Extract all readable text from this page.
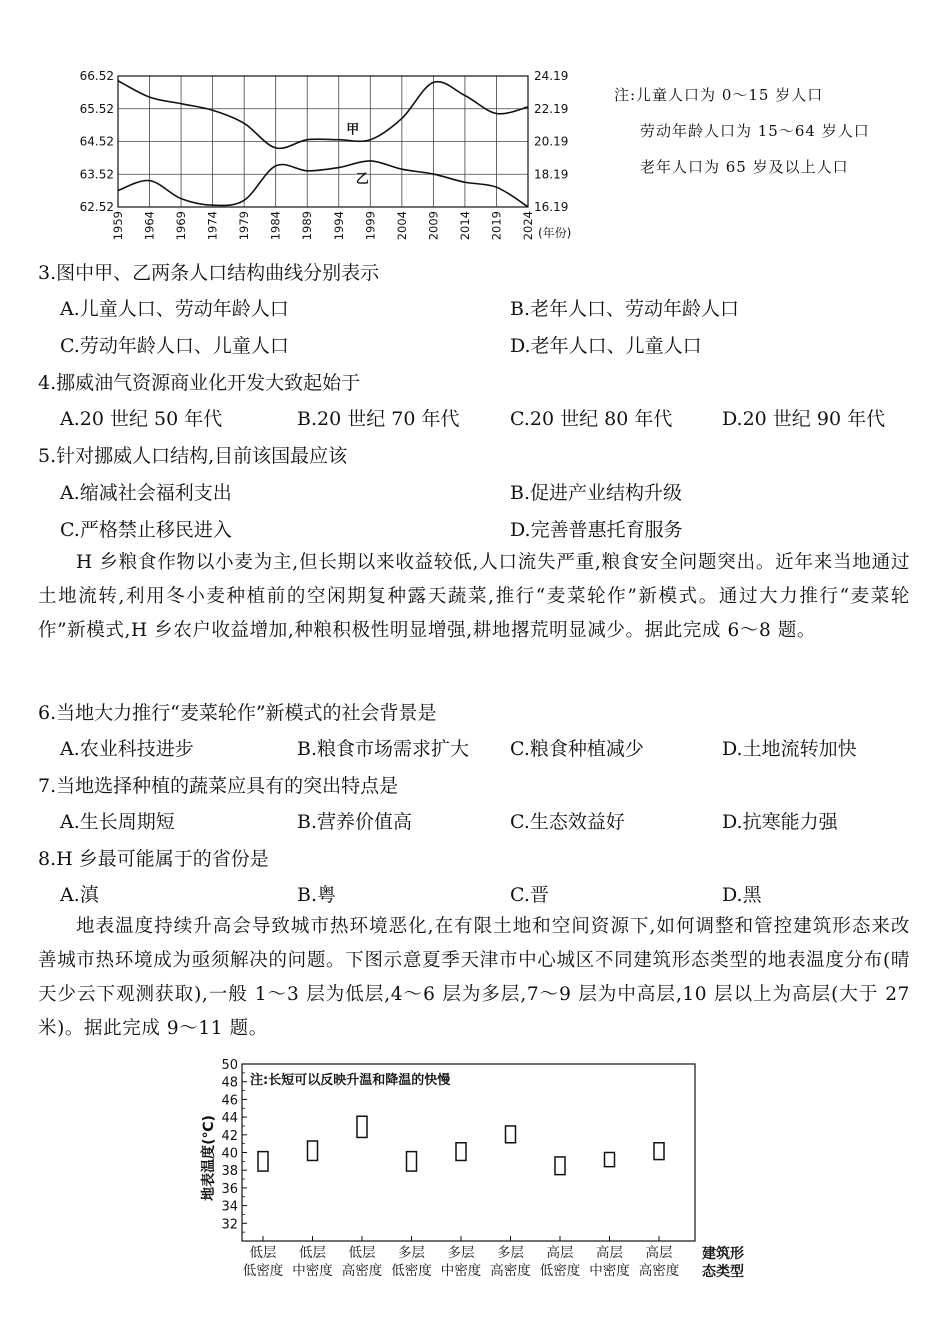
66.52
65.52
64.52
63.52
62.52
24.19
22.19
20.19
18.19
16.19
1959 1964 1969 1974 1979 1984 1989 1994 1999 2004 2009 2014 2019 2024 (年份)
甲
乙
注:儿童人口为 0～15 岁人口
劳动年龄人口为 15～64 岁人口
老年人口为 65 岁及以上人口
3.图中甲、乙两条人口结构曲线分别表示
A.儿童人口、劳动年龄人口	B.老年人口、劳动年龄人口
C.劳动年龄人口、儿童人口	D.老年人口、儿童人口
4.挪威油气资源商业化开发大致起始于
A.20 世纪 50 年代	B.20 世纪 70 年代	C.20 世纪 80 年代	D.20 世纪 90 年代
5.针对挪威人口结构,目前该国最应该
A.缩减社会福利支出	B.促进产业结构升级
C.严格禁止移民进入	D.完善普惠托育服务
H 乡粮食作物以小麦为主,但长期以来收益较低,人口流失严重,粮食安全问题突出。近年来当地通过土地流转,利用冬小麦种植前的空闲期复种露天蔬菜,推行“麦菜轮作”新模式。通过大力推行“麦菜轮作”新模式,H 乡农户收益增加,种粮积极性明显增强,耕地撂荒明显减少。据此完成 6～8 题。
6.当地大力推行“麦菜轮作”新模式的社会背景是
A.农业科技进步	B.粮食市场需求扩大 C.粮食种植减少	D.土地流转加快
7.当地选择种植的蔬菜应具有的突出特点是
A.生长周期短	B.营养价值高	C.生态效益好	D.抗寒能力强
8.H 乡最可能属于的省份是
A.滇	B.粤	C.晋	D.黑
地表温度持续升高会导致城市热环境恶化,在有限土地和空间资源下,如何调整和管控建筑形态来改善城市热环境成为亟须解决的问题。下图示意夏季天津市中心城区不同建筑形态类型的地表温度分布(晴天少云下观测获取),一般 1～3 层为低层,4～6 层为多层,7～9 层为中高层,10 层以上为高层(大于 27 米)。据此完成 9～11 题。
注:长短可以反映升温和降温的快慢
地表温度(℃)
50
48
46
44
42
40
38
36
34
32
低层
低密度
低层
中密度
低层
高密度
多层
低密度
多层
中密度
多层
高密度
高层
低密度
高层
中密度
高层
高密度
建筑形
态类型
